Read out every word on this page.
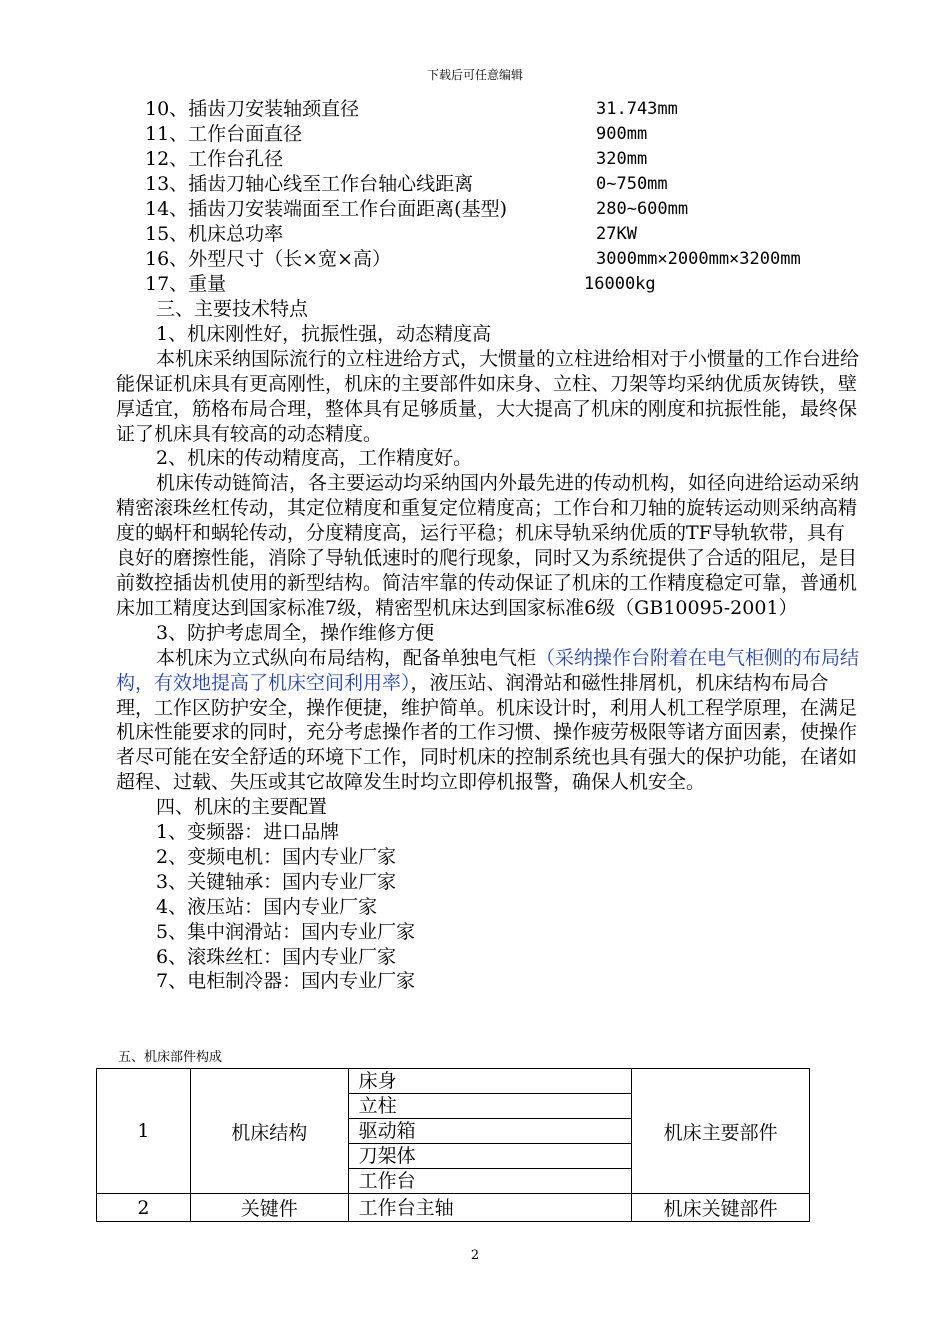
下载后可任意编辑
10、插齿刀安装轴颈直径	31.743mm
11、工作台面直径	900mm
12、工作台孔径	320mm
13、插齿刀轴心线至工作台轴心线距离	0~750mm
14、插齿刀安装端面至工作台面距离(基型)	280~600mm
15、机床总功率	27KW
16、外型尺寸（长×宽×高）	3000mm×2000mm×3200mm
17、重量	16000kg

三、主要技术特点

1、机床刚性好，抗振性强，动态精度高

本机床采纳国际流行的立柱进给方式，大惯量的立柱进给相对于小惯量的工作台进给能保证机床具有更高刚性，机床的主要部件如床身、立柱、刀架等均采纳优质灰铸铁，壁厚适宜，筋格布局合理，整体具有足够质量，大大提高了机床的刚度和抗振性能，最终保证了机床具有较高的动态精度。

2、机床的传动精度高，工作精度好。

机床传动链简洁，各主要运动均采纳国内外最先进的传动机构，如径向进给运动采纳精密滚珠丝杠传动，其定位精度和重复定位精度高；工作台和刀轴的旋转运动则采纳高精度的蜗杆和蜗轮传动，分度精度高，运行平稳；机床导轨采纳优质的TF导轨软带，具有良好的磨擦性能，消除了导轨低速时的爬行现象，同时又为系统提供了合适的阻尼，是目前数控插齿机使用的新型结构。简洁牢靠的传动保证了机床的工作精度稳定可靠，普通机床加工精度达到国家标准7级，精密型机床达到国家标准6级（GB10095-2001）

3、防护考虑周全，操作维修方便

本机床为立式纵向布局结构，配备单独电气柜（采纳操作台附着在电气柜侧的布局结构，有效地提高了机床空间利用率），液压站、润滑站和磁性排屑机，机床结构布局合理，工作区防护安全，操作便捷，维护简单。机床设计时，利用人机工程学原理，在满足机床性能要求的同时，充分考虑操作者的工作习惯、操作疲劳极限等诸方面因素，使操作者尽可能在安全舒适的环境下工作，同时机床的控制系统也具有强大的保护功能，在诸如超程、过载、失压或其它故障发生时均立即停机报警，确保人机安全。

四、机床的主要配置

1、变频器：进口品牌

2、变频电机：国内专业厂家

3、关键轴承：国内专业厂家

4、液压站：国内专业厂家

5、集中润滑站：国内专业厂家

6、滚珠丝杠：国内专业厂家

7、电柜制冷器：国内专业厂家

五、机床部件构成
1	机床结构	床身	机床主要部件
		立柱	
		驱动箱	
		刀架体	
		工作台	
2	关键件	工作台主轴	机床关键部件
2
